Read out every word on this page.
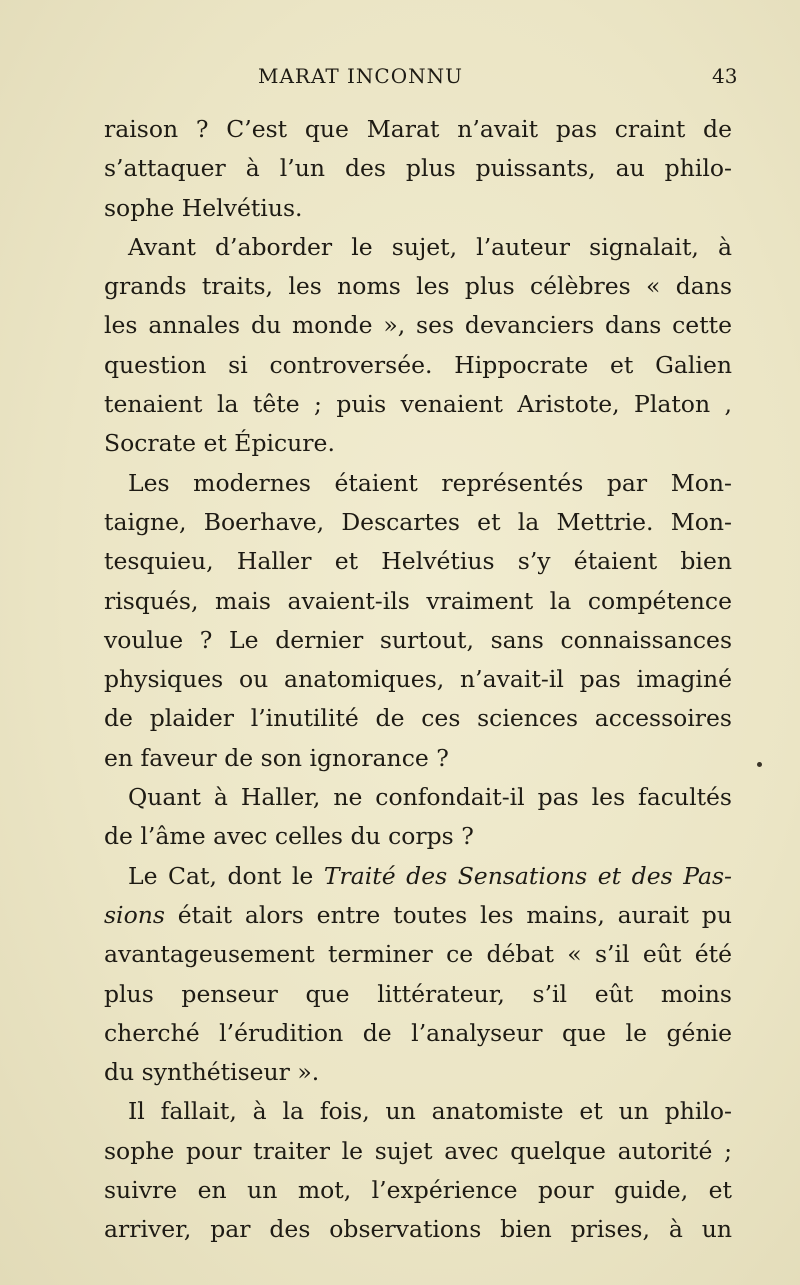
MARAT INCONNU	43
raison ? C’est que Marat n’avait pas craint de
s’attaquer à l’un des plus puissants, au philo-
sophe Helvétius.
Avant d’aborder le sujet, l’auteur signalait, à
grands traits, les noms les plus célèbres « dans
les annales du monde », ses devanciers dans cette
question si controversée. Hippocrate et Galien
tenaient la tête ; puis venaient Aristote, Platon ,
Socrate et Épicure.
Les modernes étaient représentés par Mon-
taigne, Boerhave, Descartes et la Mettrie. Mon-
tesquieu, Haller et Helvétius s’y étaient bien
risqués, mais avaient-ils vraiment la compétence
voulue ? Le dernier surtout, sans connaissances
physiques ou anatomiques, n’avait-il pas imaginé
de plaider l’inutilité de ces sciences accessoires
en faveur de son ignorance ?
Quant à Haller, ne confondait-il pas les facultés
de l’âme avec celles du corps ?
Le Cat, dont le Traité des Sensations et des Pas-
sions était alors entre toutes les mains, aurait pu
avantageusement terminer ce débat « s’il eût été
plus penseur que littérateur, s’il eût moins
cherché l’érudition de l’analyseur que le génie
du synthétiseur ».
Il fallait, à la fois, un anatomiste et un philo-
sophe pour traiter le sujet avec quelque autorité ;
suivre en un mot, l’expérience pour guide, et
arriver, par des observations bien prises, à un
